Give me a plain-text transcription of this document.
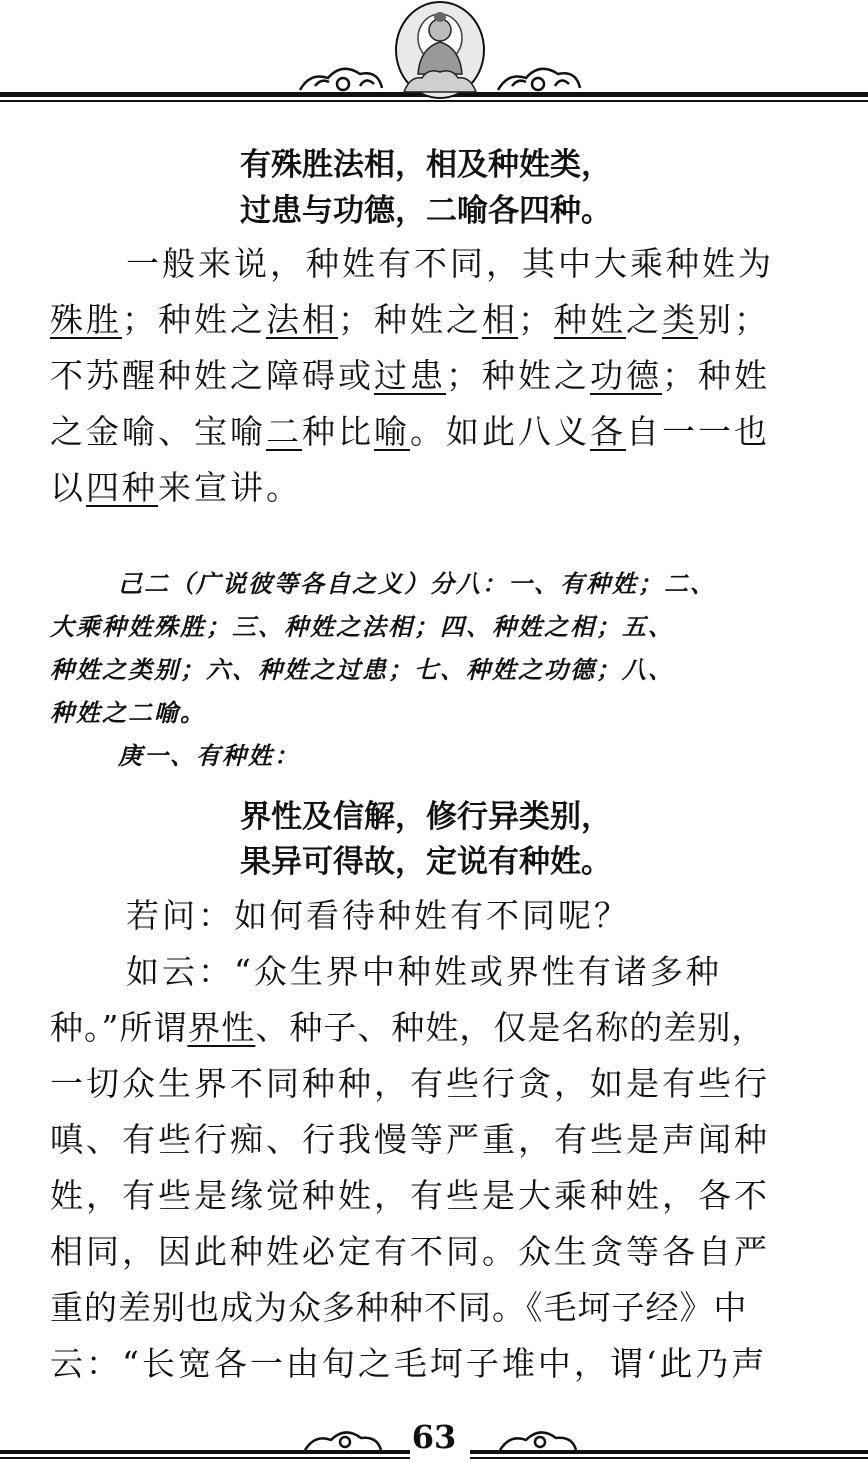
有殊胜法相，相及种姓类，
过患与功德，二喻各四种。
一般来说，种姓有不同，其中大乘种姓为
殊胜；种姓之法相；种姓之相；种姓之类别；
不苏醒种姓之障碍或过患；种姓之功德；种姓
之金喻、宝喻二种比喻。如此八义各自一一也
以四种来宣讲。
己二（广说彼等各自之义）分八：一、有种姓；二、
大乘种姓殊胜；三、种姓之法相；四、种姓之相；五、
种姓之类别；六、种姓之过患；七、种姓之功德；八、
种姓之二喻。
庚一、有种姓：
界性及信解，修行异类别，
果异可得故，定说有种姓。
若问：如何看待种姓有不同呢？
如云：“众生界中种姓或界性有诸多种
种。”所谓界性、种子、种姓，仅是名称的差别，
一切众生界不同种种，有些行贪，如是有些行
嗔、有些行痴、行我慢等严重，有些是声闻种
姓，有些是缘觉种姓，有些是大乘种姓，各不
相同，因此种姓必定有不同。众生贪等各自严
重的差别也成为众多种种不同。《毛坷子经》中
云：“长宽各一由旬之毛坷子堆中，谓‘此乃声
63
